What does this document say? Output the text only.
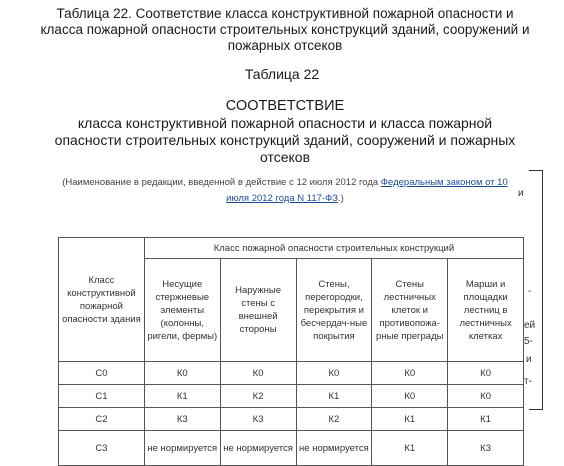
Таблица 22. Соответствие класса конструктивной пожарной опасности и класса пожарной опасности строительных конструкций зданий, сооружений и пожарных отсеков
Таблица 22
СООТВЕТСТВИЕ
класса конструктивной пожарной опасности и класса пожарной опасности строительных конструкций зданий, сооружений и пожарных отсеков
(Наименование в редакции, введенной в действие с 12 июля 2012 года Федеральным законом от 10 июля 2012 года N 117-ФЗ.)	и
-
ей
5-
и
т-
Класс конструктивной пожарной опасности здания	Класс пожарной опасности строительных конструкций				
	Несущие стержневые элементы (колонны, ригели, фермы)	Наружные стены с внешней стороны	Стены, перегородки, перекрытия и бесчердач-ные покрытия	Стены лестничных клеток и противопожа-рные преграды	Марши и площадки лестниц в лестничных клетках
С0	К0	К0	К0	К0	К0
С1	К1	К2	К1	К0	К0
С2	К3	К3	К2	К1	К1
С3	не нормируется	не нормируется	не нормируется	К1	К3
